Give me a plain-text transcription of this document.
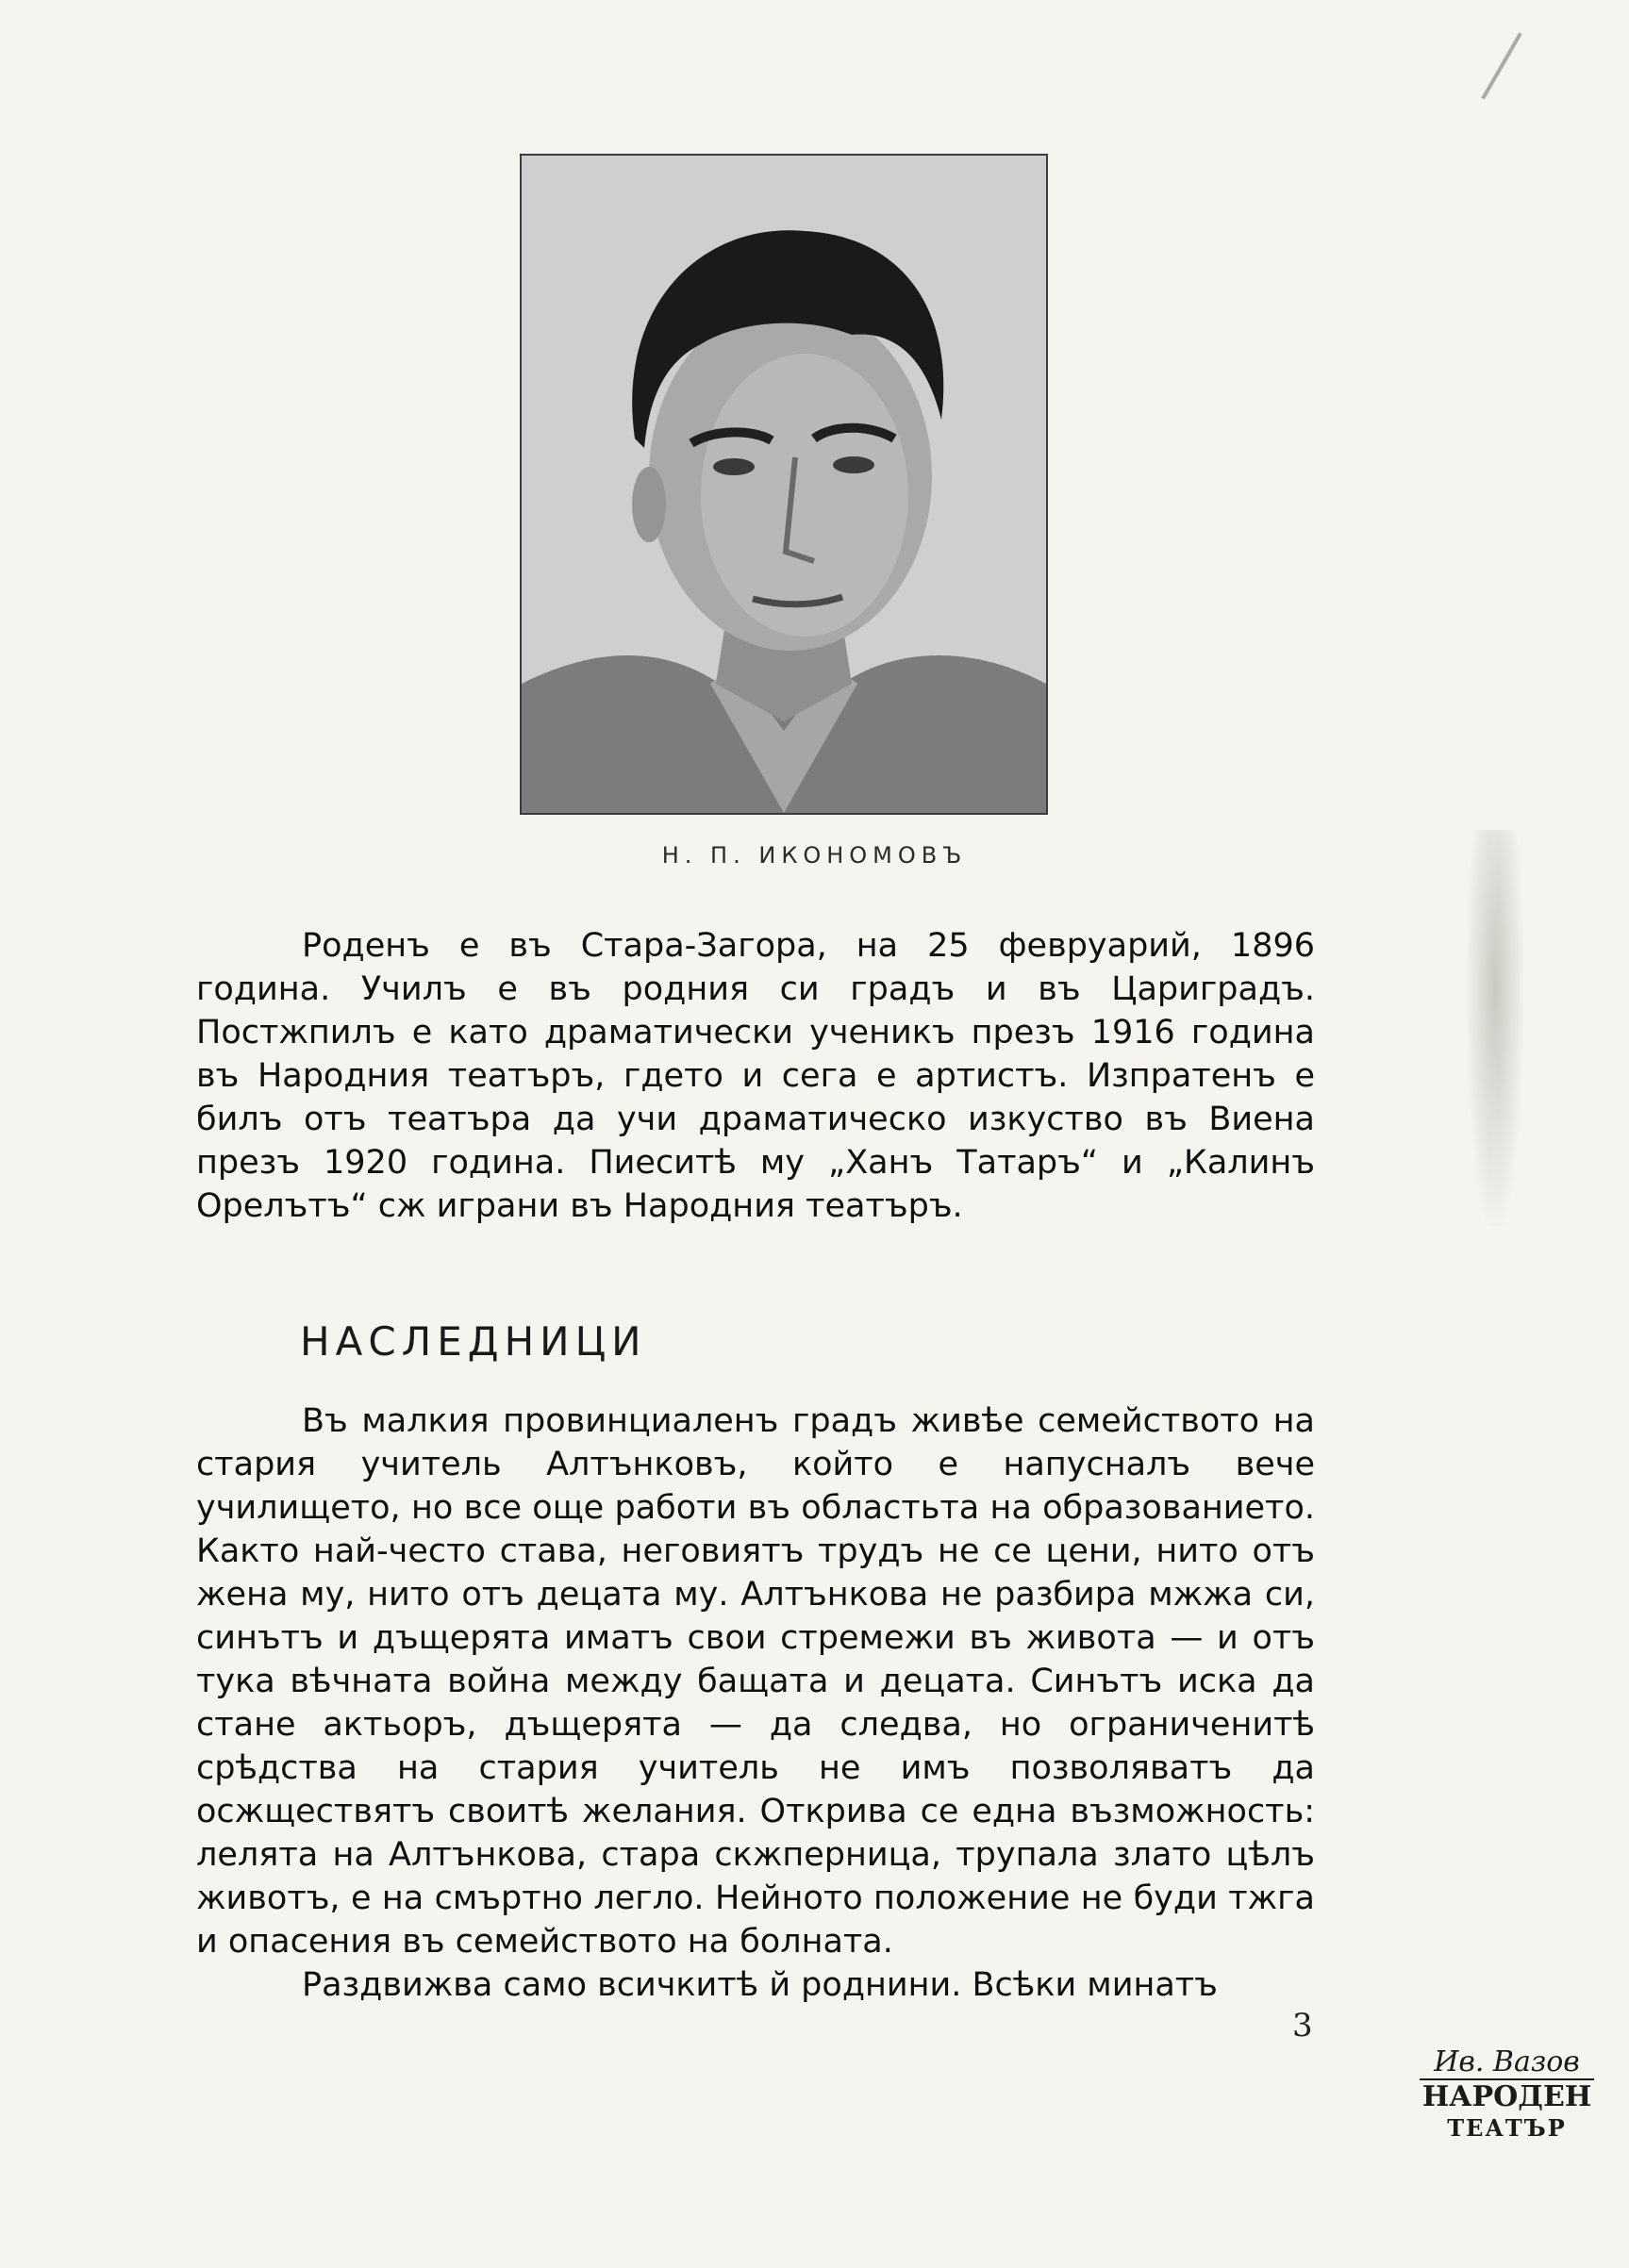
Н. П. ИКОНОМОВЪ

Роденъ е въ Стара-Загора, на 25 февруарий, 1896 година. Училъ е въ родния си градъ и въ Цариградъ. Постжпилъ е като драматически ученикъ презъ 1916 година въ Народния театъръ, гдето и сега е артистъ. Изпратенъ е билъ отъ театъра да учи драматическо изкуство въ Виена презъ 1920 година. Пиеситѣ му „Ханъ Татаръ“ и „Калинъ Орелътъ“ сж играни въ Народния театъръ.

НАСЛЕДНИЦИ

Въ малкия провинциаленъ градъ живѣе семейството на стария учитель Алтънковъ, който е напусналъ вече училището, но все още работи въ областьта на образованието. Както най-често става, неговиятъ трудъ не се цени, нито отъ жена му, нито отъ децата му. Алтънкова не разбира мжжа си, синътъ и дъщерята иматъ свои стремежи въ живота — и отъ тука вѣчната война между бащата и децата. Синътъ иска да стане актьоръ, дъщерята — да следва, но ограниченитѣ срѣдства на стария учитель не имъ позволяватъ да осжществятъ своитѣ желания. Открива се една възможность: лелята на Алтънкова, стара скжперница, трупала злато цѣлъ животъ, е на смъртно легло. Нейното положение не буди тжга и опасения въ семейството на болната.

Раздвижва само всичкитѣ й роднини. Всѣки минатъ

3
Ив. Вазов
НАРОДЕН
ТЕАТЪР
